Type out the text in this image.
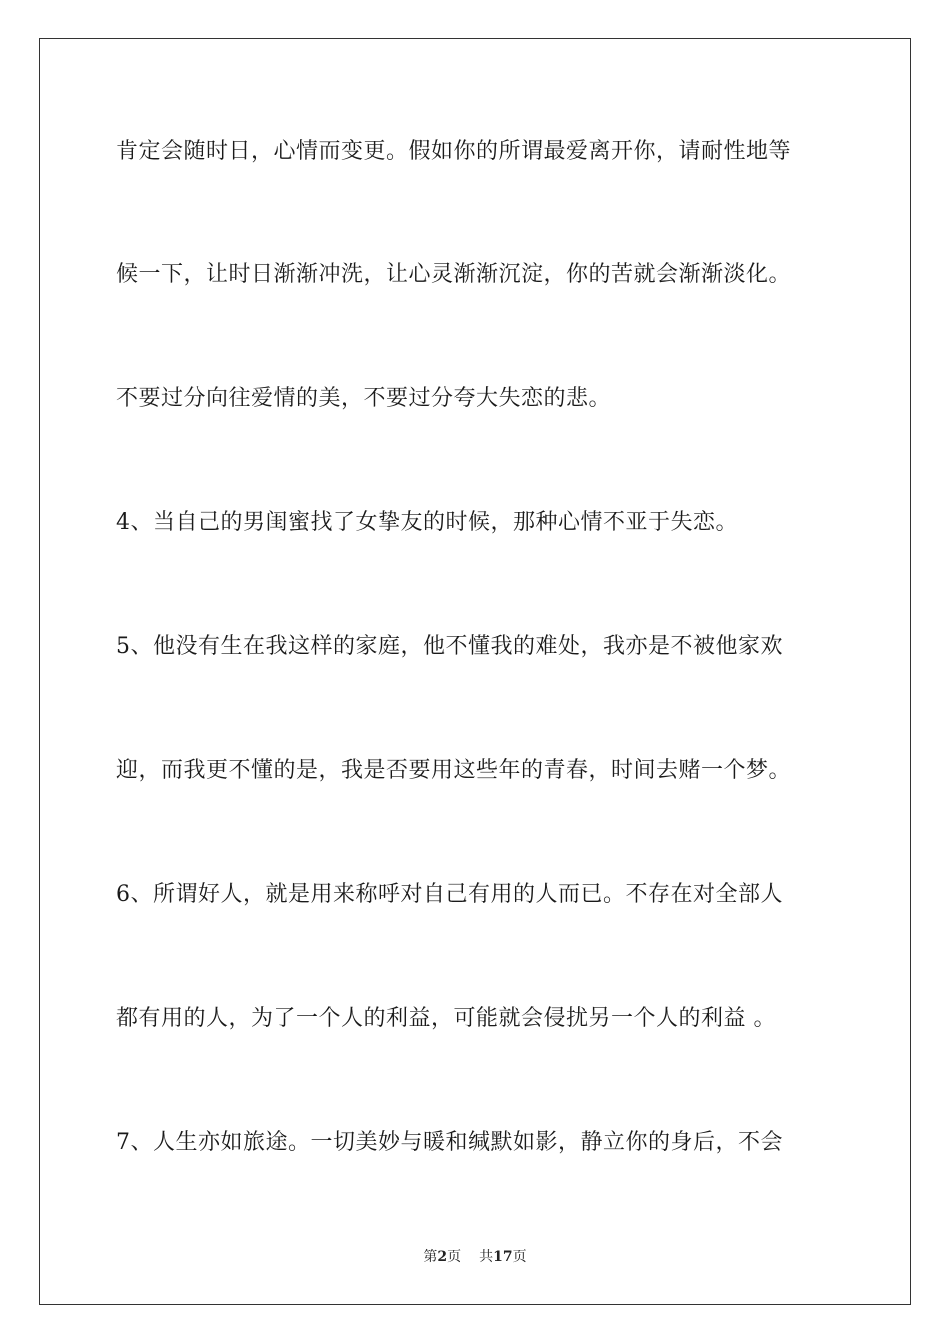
肯定会随时日，心情而变更。假如你的所谓最爱离开你，请耐性地等
候一下，让时日渐渐冲洗，让心灵渐渐沉淀，你的苦就会渐渐淡化。
不要过分向往爱情的美，不要过分夸大失恋的悲。
4、当自己的男闺蜜找了女挚友的时候，那种心情不亚于失恋。
5、他没有生在我这样的家庭，他不懂我的难处，我亦是不被他家欢
迎，而我更不懂的是，我是否要用这些年的青春，时间去赌一个梦。
6、所谓好人，就是用来称呼对自己有用的人而已。不存在对全部人
都有用的人，为了一个人的利益，可能就会侵扰另一个人的利益 。
7、人生亦如旅途。一切美妙与暖和缄默如影，静立你的身后，不会
第2页 共17页
